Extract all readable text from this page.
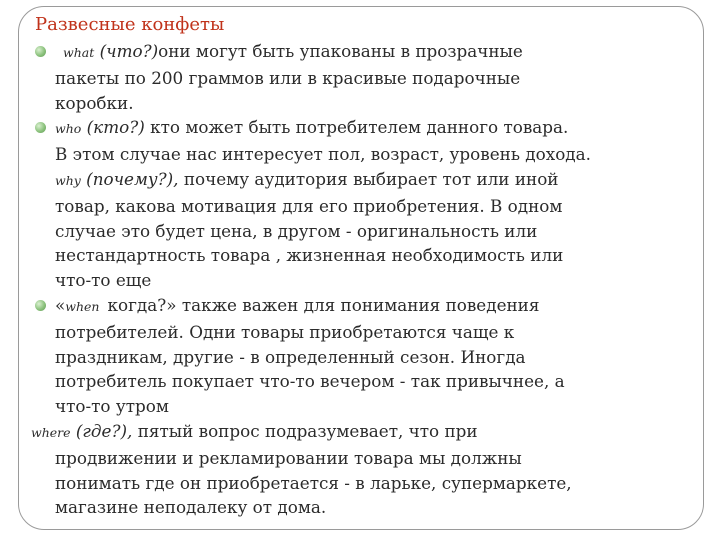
Развесные конфеты
what (что?)они могут быть упакованы в прозрачные
пакеты по 200 граммов или в красивые подарочные
коробки.
who (кто?) кто может быть потребителем данного товара.
В этом случае нас интересует пол, возраст, уровень дохода.
why (почему?), почему аудитория выбирает тот или иной
товар, какова мотивация для его приобретения. В одном
случае это будет цена, в другом - оригинальность или
нестандартность товара , жизненная необходимость или
что-то еще
«when когда?» также важен для понимания поведения
потребителей. Одни товары приобретаются чаще к
праздникам, другие - в определенный сезон. Иногда
потребитель покупает что-то вечером - так привычнее, а
что-то утром
where (где?), пятый вопрос подразумевает, что при
продвижении и рекламировании товара мы должны
понимать где он приобретается - в ларьке, супермаркете,
магазине неподалеку от дома.
